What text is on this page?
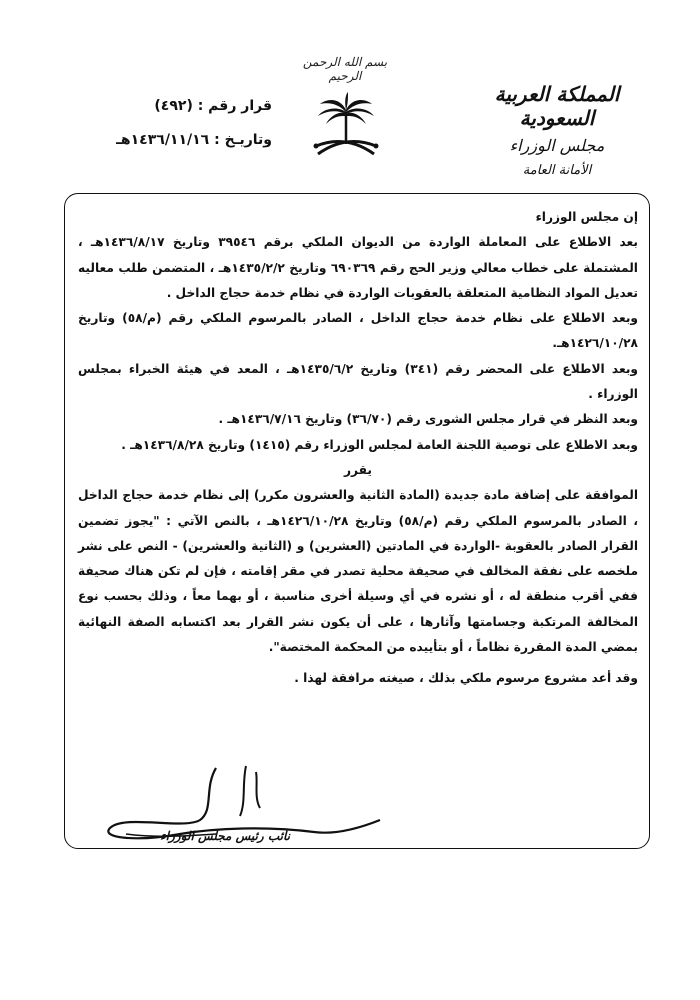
بسم الله الرحمن الرحيم
المملكة العربية السعودية
مجلس الوزراء
الأمانة العامة
قرار رقم : (٤٩٢)
وتاريـخ : ١٤٣٦/١١/١٦هـ

إن مجلس الوزراء

بعد الاطلاع على المعاملة الواردة من الديوان الملكي برقم ٣٩٥٤٦ وتاريخ ١٤٣٦/٨/١٧هـ ، المشتملة على خطاب معالي وزير الحج رقم ٦٩٠٣٦٩ وتاريخ ١٤٣٥/٢/٢هـ ، المتضمن طلب معاليه تعديل المواد النظامية المتعلقة بالعقوبات الواردة في نظام خدمة حجاج الداخل .

وبعد الاطلاع على نظام خدمة حجاج الداخل ، الصادر بالمرسوم الملكي رقم (م/٥٨) وتاريخ ١٤٢٦/١٠/٢٨هـ.

وبعد الاطلاع على المحضر رقم (٣٤١) وتاريخ ١٤٣٥/٦/٢هـ ، المعد في هيئة الخبراء بمجلس الوزراء .

وبعد النظر في قرار مجلس الشورى رقم (٣٦/٧٠) وتاريخ ١٤٣٦/٧/١٦هـ .

وبعد الاطلاع على توصية اللجنة العامة لمجلس الوزراء رقم (١٤١٥) وتاريخ ١٤٣٦/٨/٢٨هـ .

يقرر

الموافقة على إضافة مادة جديدة (المادة الثانية والعشرون مكرر) إلى نظام خدمة حجاج الداخل ، الصادر بالمرسوم الملكي رقم (م/٥٨) وتاريخ ١٤٢٦/١٠/٢٨هـ ، بالنص الآتي : "يجوز تضمين القرار الصادر بالعقوبة -الواردة في المادتين (العشرين) و (الثانية والعشرين) - النص على نشر ملخصه على نفقة المخالف في صحيفة محلية تصدر في مقر إقامته ، فإن لم تكن هناك صحيفة ففي أقرب منطقة له ، أو نشره في أي وسيلة أخرى مناسبة ، أو بهما معاً ، وذلك بحسب نوع المخالفة المرتكبة وجسامتها وآثارها ، على أن يكون نشر القرار بعد اكتسابه الصفة النهائية بمضي المدة المقررة نظاماً ، أو بتأييده من المحكمة المختصة".

وقد أعد مشروع مرسوم ملكي بذلك ، صيغته مرافقة لهذا .

نائب رئيس مجلس الوزراء
